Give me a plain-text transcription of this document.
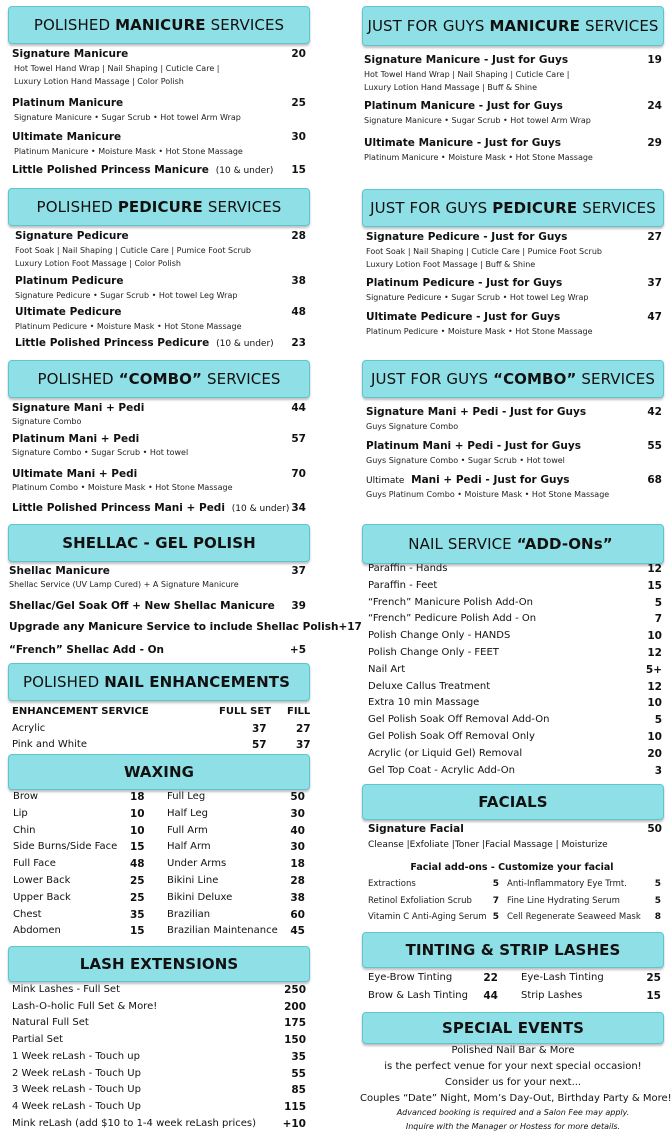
POLISHED MANICURE SERVICES
Signature Manicure	20
Hot Towel Hand Wrap | Nail Shaping | Cuticle Care |
Luxury Lotion Hand Massage | Color Polish
Platinum Manicure	25
Signature Manicure • Sugar Scrub • Hot towel Arm Wrap
Ultimate Manicure	30
Platinum Manicure • Moisture Mask • Hot Stone Massage
Little Polished Princess Manicure (10 & under) 15
POLISHED PEDICURE SERVICES
Signature Pedicure	28
Foot Soak | Nail Shaping | Cuticle Care | Pumice Foot Scrub
Luxury Lotion Foot Massage | Color Polish
Platinum Pedicure	38
Signature Pedicure • Sugar Scrub • Hot towel Leg Wrap
Ultimate Pedicure	48
Platinum Pedicure • Moisture Mask • Hot Stone Massage
Little Polished Princess Pedicure (10 & under) 23
POLISHED “COMBO” SERVICES
Signature Mani + Pedi	44
Signature Combo
Platinum Mani + Pedi	57
Signature Combo • Sugar Scrub • Hot towel
Ultimate Mani + Pedi	70
Platinum Combo • Moisture Mask • Hot Stone Massage
Little Polished Princess Mani + Pedi (10 & under) 34
SHELLAC - GEL POLISH
Shellac Manicure	37
Shellac Service (UV Lamp Cured) + A Signature Manicure
Shellac/Gel Soak Off + New Shellac Manicure 39
Upgrade any Manicure Service to include Shellac Polish +17
“French” Shellac Add - On	+5
POLISHED NAIL ENHANCEMENTS
ENHANCEMENT SERVICE	FULL SET FILL
Acrylic	37	27
Pink and White	57	37
WAXING
Brow	18
Lip	10
Chin	10
Side Burns/Side Face 15
Full Face	48
Lower Back	25
Upper Back	25
Chest	35
Abdomen	15
Full Leg	50
Half Leg	30
Full Arm	40
Half Arm	30
Under Arms	18
Bikini Line	28
Bikini Deluxe	38
Brazilian	60
Brazilian Maintenance 45
LASH EXTENSIONS
Mink Lashes - Full Set	250
Lash-O-holic Full Set & More!	200
Natural Full Set	175
Partial Set	150
1 Week reLash - Touch up	35
2 Week reLash - Touch Up	55
3 Week reLash - Touch Up	85
4 Week reLash - Touch Up	115
Mink reLash (add $10 to 1-4 week reLash prices)	+10
JUST FOR GUYS MANICURE SERVICES
Signature Manicure - Just for Guys	19
Hot Towel Hand Wrap | Nail Shaping | Cuticle Care |
Luxury Lotion Hand Massage | Buff & Shine
Platinum Manicure - Just for Guys	24
Signature Manicure • Sugar Scrub • Hot towel Arm Wrap
Ultimate Manicure - Just for Guys	29
Platinum Manicure • Moisture Mask • Hot Stone Massage
JUST FOR GUYS PEDICURE SERVICES
Signature Pedicure - Just for Guys	27
Foot Soak | Nail Shaping | Cuticle Care | Pumice Foot Scrub
Luxury Lotion Foot Massage | Buff & Shine
Platinum Pedicure - Just for Guys	37
Signature Pedicure • Sugar Scrub • Hot towel Leg Wrap
Ultimate Pedicure - Just for Guys	47
Platinum Pedicure • Moisture Mask • Hot Stone Massage
JUST FOR GUYS “COMBO” SERVICES
Signature Mani + Pedi - Just for Guys	42
Guys Signature Combo
Platinum Mani + Pedi - Just for Guys	55
Guys Signature Combo • Sugar Scrub • Hot towel
Ultimate Mani + Pedi - Just for Guys	68
Guys Platinum Combo • Moisture Mask • Hot Stone Massage
NAIL SERVICE “ADD-ONs”
Paraffin - Hands	12
Paraffin - Feet	15
“French” Manicure Polish Add-On	5
“French” Pedicure Polish Add - On	7
Polish Change Only - HANDS	10
Polish Change Only - FEET	12
Nail Art	5+
Deluxe Callus Treatment	12
Extra 10 min Massage	10
Gel Polish Soak Off Removal Add-On	5
Gel Polish Soak Off Removal Only	10
Acrylic (or Liquid Gel) Removal	20
Gel Top Coat - Acrylic Add-On	3
FACIALS
Signature Facial	50
Cleanse |Exfoliate |Toner |Facial Massage | Moisturize
Facial add-ons - Customize your facial
Extractions	5
Retinol Exfoliation Scrub	7
Vitamin C Anti-Aging Serum 5
Anti-Inflammatory Eye Trmt.	5
Fine Line Hydrating Serum	5
Cell Regenerate Seaweed Mask	8
TINTING & STRIP LASHES
Eye-Brow Tinting	22
Brow & Lash Tinting 44
Eye-Lash Tinting	25
Strip Lashes	15
SPECIAL EVENTS
Polished Nail Bar & More
is the perfect venue for your next special occasion!
Consider us for your next...
Couples “Date” Night, Mom’s Day-Out, Birthday Party & More!
Advanced booking is required and a Salon Fee may apply.
Inquire with the Manager or Hostess for more details.
